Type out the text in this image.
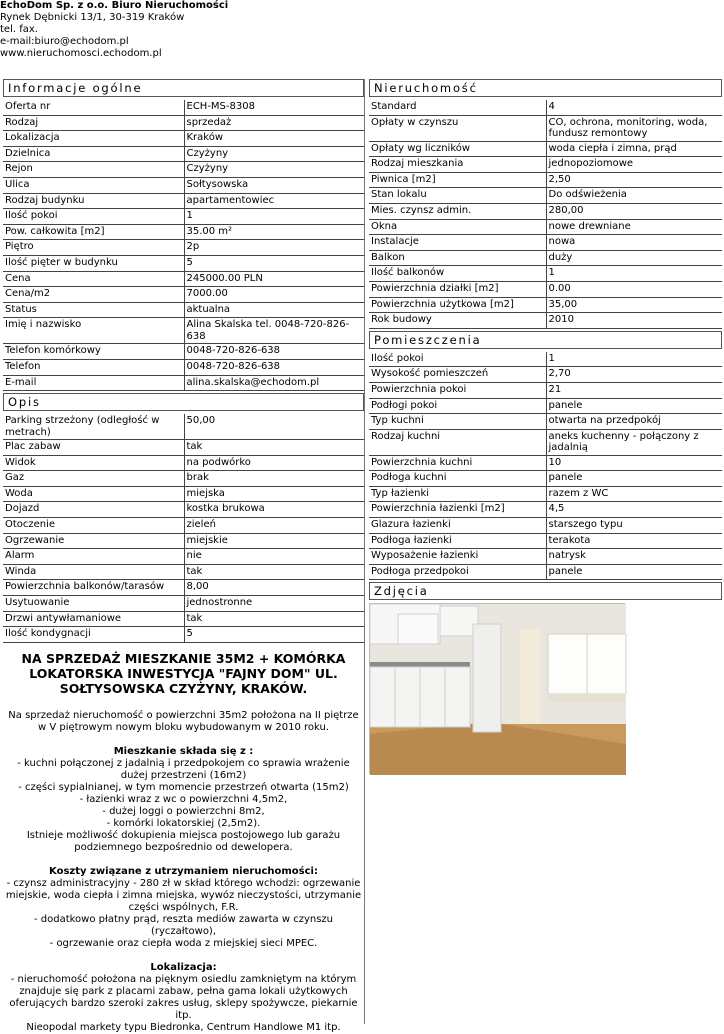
EchoDom Sp. z o.o. Biuro Nieruchomości
Rynek Dębnicki 13/1, 30-319 Kraków
tel. fax.
e-mail:biuro@echodom.pl
www.nieruchomosci.echodom.pl
Informacje ogólne
Oferta nr	ECH-MS-8308
Rodzaj	sprzedaż
Lokalizacja	Kraków
Dzielnica	Czyżyny
Rejon	Czyżyny
Ulica	Sołtysowska
Rodzaj budynku	apartamentowiec
Ilość pokoi	1
Pow. całkowita [m2]	35.00 m²
Piętro	2p
Ilość pięter w budynku	5
Cena	245000.00 PLN
Cena/m2	7000.00
Status	aktualna
Imię i nazwisko	Alina Skalska tel. 0048-720-826-638
Telefon komórkowy	0048-720-826-638
Telefon	0048-720-826-638
E-mail	alina.skalska@echodom.pl
Opis
Parking strzeżony (odległość w metrach)	50,00
Plac zabaw	tak
Widok	na podwórko
Gaz	brak
Woda	miejska
Dojazd	kostka brukowa
Otoczenie	zieleń
Ogrzewanie	miejskie
Alarm	nie
Winda	tak
Powierzchnia balkonów/tarasów	8,00
Usytuowanie	jednostronne
Drzwi antywłamaniowe	tak
Ilość kondygnacji	5
NA SPRZEDAŻ MIESZKANIE 35M2 + KOMÓRKA LOKATORSKA INWESTYCJA "FAJNY DOM" UL. SOŁTYSOWSKA CZYŻYNY, KRAKÓW.

Na sprzedaż nieruchomość o powierzchni 35m2 położona na II piętrze w V piętrowym nowym bloku wybudowanym w 2010 roku.

Mieszkanie składa się z :
- kuchni połączonej z jadalnią i przedpokojem co sprawia wrażenie dużej przestrzeni (16m2)
- części sypialnianej, w tym momencie przestrzeń otwarta (15m2)
- łazienki wraz z wc o powierzchni 4,5m2,
- dużej loggi o powierzchni 8m2,
- komórki lokatorskiej (2,5m2).
Istnieje możliwość dokupienia miejsca postojowego lub garażu podziemnego bezpośrednio od dewelopera.
Koszty związane z utrzymaniem nieruchomości:
- czynsz administracyjny - 280 zł w skład którego wchodzi: ogrzewanie miejskie, woda ciepła i zimna miejska, wywóz nieczystości, utrzymanie części wspólnych, F.R.
- dodatkowo płatny prąd, reszta mediów zawarta w czynszu (ryczałtowo),
- ogrzewanie oraz ciepła woda z miejskiej sieci MPEC.
Lokalizacja:
- nieruchomość położona na pięknym osiedlu zamkniętym na którym znajduje się park z placami zabaw, pełna gama lokali użytkowych oferujących bardzo szeroki zakres usług, sklepy spożywcze, piekarnie itp.
Nieopodal markety typu Biedronka, Centrum Handlowe M1 itp.
Nieruchomość
Standard	4
Opłaty w czynszu	CO, ochrona, monitoring, woda, fundusz remontowy
Opłaty wg liczników	woda ciepła i zimna, prąd
Rodzaj mieszkania	jednopoziomowe
Piwnica [m2]	2,50
Stan lokalu	Do odświeżenia
Mies. czynsz admin.	280,00
Okna	nowe drewniane
Instalacje	nowa
Balkon	duży
Ilość balkonów	1
Powierzchnia działki [m2]	0.00
Powierzchnia użytkowa [m2]	35,00
Rok budowy	2010
Pomieszczenia
Ilość pokoi	1
Wysokość pomieszczeń	2,70
Powierzchnia pokoi	21
Podłogi pokoi	panele
Typ kuchni	otwarta na przedpokój
Rodzaj kuchni	aneks kuchenny - połączony z jadalnią
Powierzchnia kuchni	10
Podłoga kuchni	panele
Typ łazienki	razem z WC
Powierzchnia łazienki [m2]	4,5
Glazura łazienki	starszego typu
Podłoga łazienki	terakota
Wyposażenie łazienki	natrysk
Podłoga przedpokoi	panele
Zdjęcia
